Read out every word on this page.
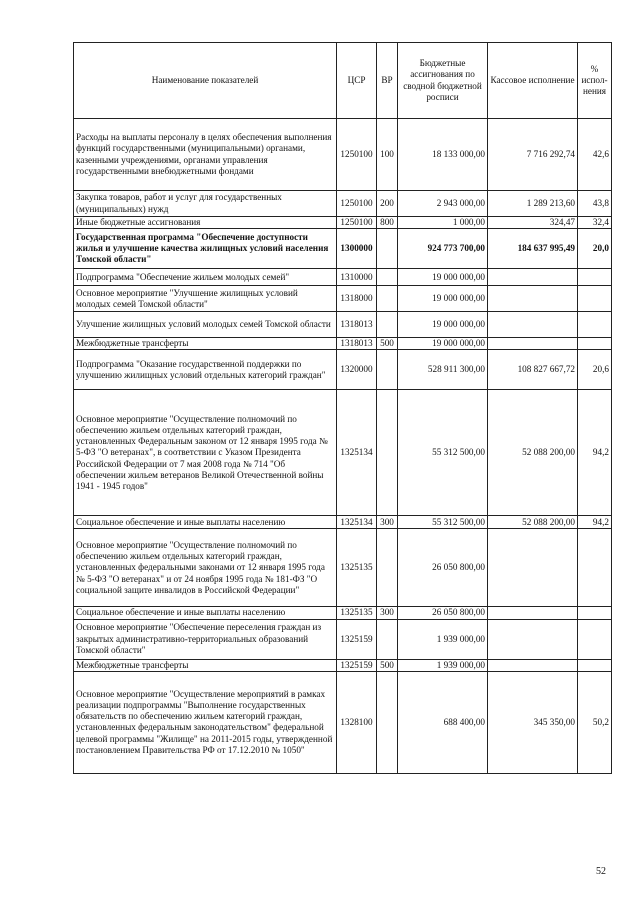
Наименование показателей	ЦСР	ВР	Бюджетные ассигнования по сводной бюджетной росписи	Кассовое исполнение	% испол-нения
Расходы на выплаты персоналу в целях обеспечения выполнения функций государственными (муниципальными) органами, казенными учреждениями, органами управления государственными внебюджетными фондами	1250100	100	18 133 000,00	7 716 292,74	42,6
Закупка товаров, работ и услуг для государственных (муниципальных) нужд	1250100	200	2 943 000,00	1 289 213,60	43,8
Иные бюджетные ассигнования	1250100	800	1 000,00	324,47	32,4
Государственная программа "Обеспечение доступности жилья и улучшение качества жилищных условий населения Томской области"	1300000		924 773 700,00	184 637 995,49	20,0
Подпрограмма "Обеспечение жильем молодых семей"	1310000		19 000 000,00		
Основное мероприятие "Улучшение жилищных условий молодых семей Томской области"	1318000		19 000 000,00		
Улучшение жилищных условий молодых семей Томской области	1318013		19 000 000,00		
Межбюджетные трансферты	1318013	500	19 000 000,00		
Подпрограмма "Оказание государственной поддержки по улучшению жилищных условий отдельных категорий граждан"	1320000		528 911 300,00	108 827 667,72	20,6
Основное мероприятие "Осуществление полномочий по обеспечению жильем отдельных категорий граждан, установленных Федеральным законом от 12 января 1995 года № 5-ФЗ "О ветеранах", в соответствии с Указом Президента Российской Федерации от 7 мая 2008 года № 714 "Об обеспечении жильем ветеранов Великой Отечественной войны 1941 - 1945 годов"	1325134		55 312 500,00	52 088 200,00	94,2
Социальное обеспечение и иные выплаты населению	1325134	300	55 312 500,00	52 088 200,00	94,2
Основное мероприятие "Осуществление полномочий по обеспечению жильем отдельных категорий граждан, установленных федеральными законами от 12 января 1995 года № 5-ФЗ "О ветеранах" и от 24 ноября 1995 года № 181-ФЗ "О социальной защите инвалидов в Российской Федерации"	1325135		26 050 800,00		
Социальное обеспечение и иные выплаты населению	1325135	300	26 050 800,00		
Основное мероприятие "Обеспечение переселения граждан из закрытых административно-территориальных образований Томской области"	1325159		1 939 000,00		
Межбюджетные трансферты	1325159	500	1 939 000,00		
Основное мероприятие "Осуществление мероприятий в рамках реализации подпрограммы "Выполнение государственных обязательств по обеспечению жильем категорий граждан, установленных федеральным законодательством" федеральной целевой программы "Жилище" на 2011-2015 годы, утвержденной постановлением Правительства РФ от 17.12.2010 № 1050"	1328100		688 400,00	345 350,00	50,2
52
